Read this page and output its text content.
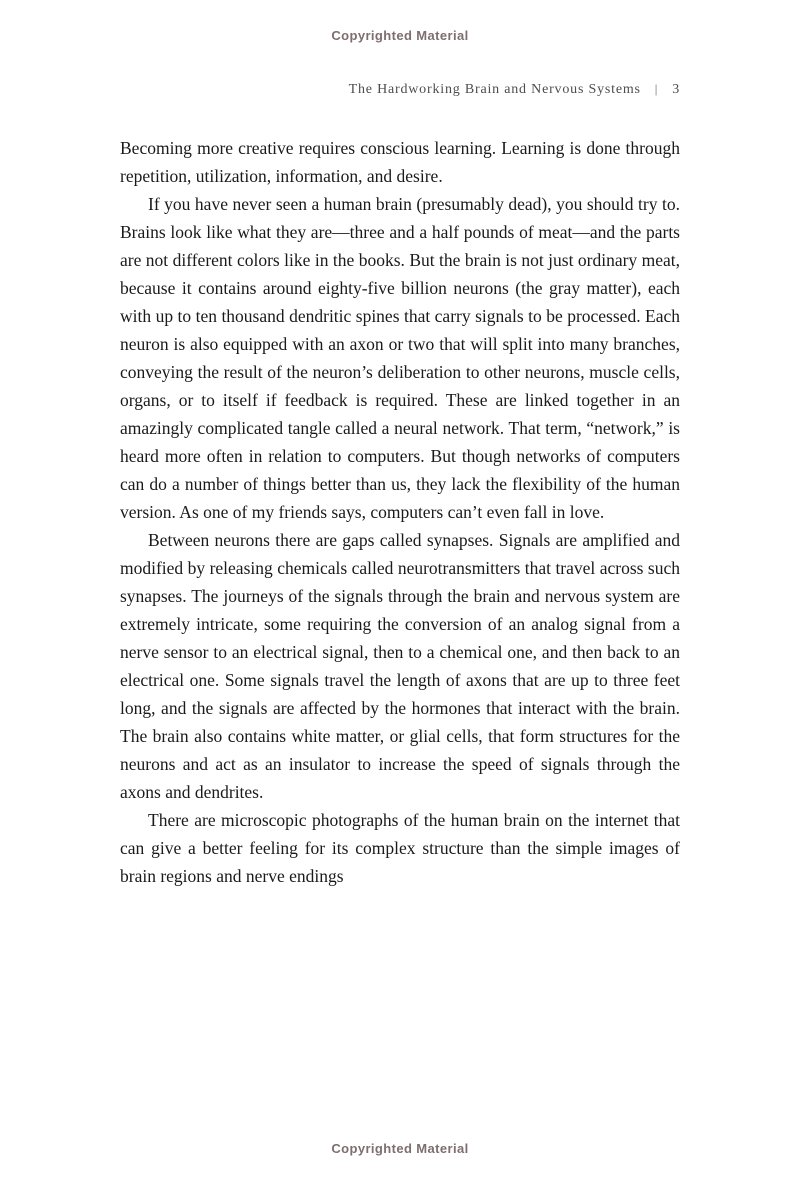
Copyrighted Material
The Hardworking Brain and Nervous Systems | 3

Becoming more creative requires conscious learning. Learning is done through repetition, utilization, information, and desire.

If you have never seen a human brain (presumably dead), you should try to. Brains look like what they are—three and a half pounds of meat—and the parts are not different colors like in the books. But the brain is not just ordinary meat, because it contains around eighty-five billion neurons (the gray matter), each with up to ten thousand dendritic spines that carry signals to be processed. Each neuron is also equipped with an axon or two that will split into many branches, conveying the result of the neuron’s deliberation to other neurons, muscle cells, organs, or to itself if feedback is required. These are linked together in an amazingly complicated tangle called a neural network. That term, “network,” is heard more often in relation to computers. But though networks of computers can do a number of things better than us, they lack the flexibility of the human version. As one of my friends says, computers can’t even fall in love.

Between neurons there are gaps called synapses. Signals are amplified and modified by releasing chemicals called neurotransmitters that travel across such synapses. The journeys of the signals through the brain and nervous system are extremely intricate, some requiring the conversion of an analog signal from a nerve sensor to an electrical signal, then to a chemical one, and then back to an electrical one. Some signals travel the length of axons that are up to three feet long, and the signals are affected by the hormones that interact with the brain. The brain also contains white matter, or glial cells, that form structures for the neurons and act as an insulator to increase the speed of signals through the axons and dendrites.

There are microscopic photographs of the human brain on the internet that can give a better feeling for its complex structure than the simple images of brain regions and nerve endings

Copyrighted Material
